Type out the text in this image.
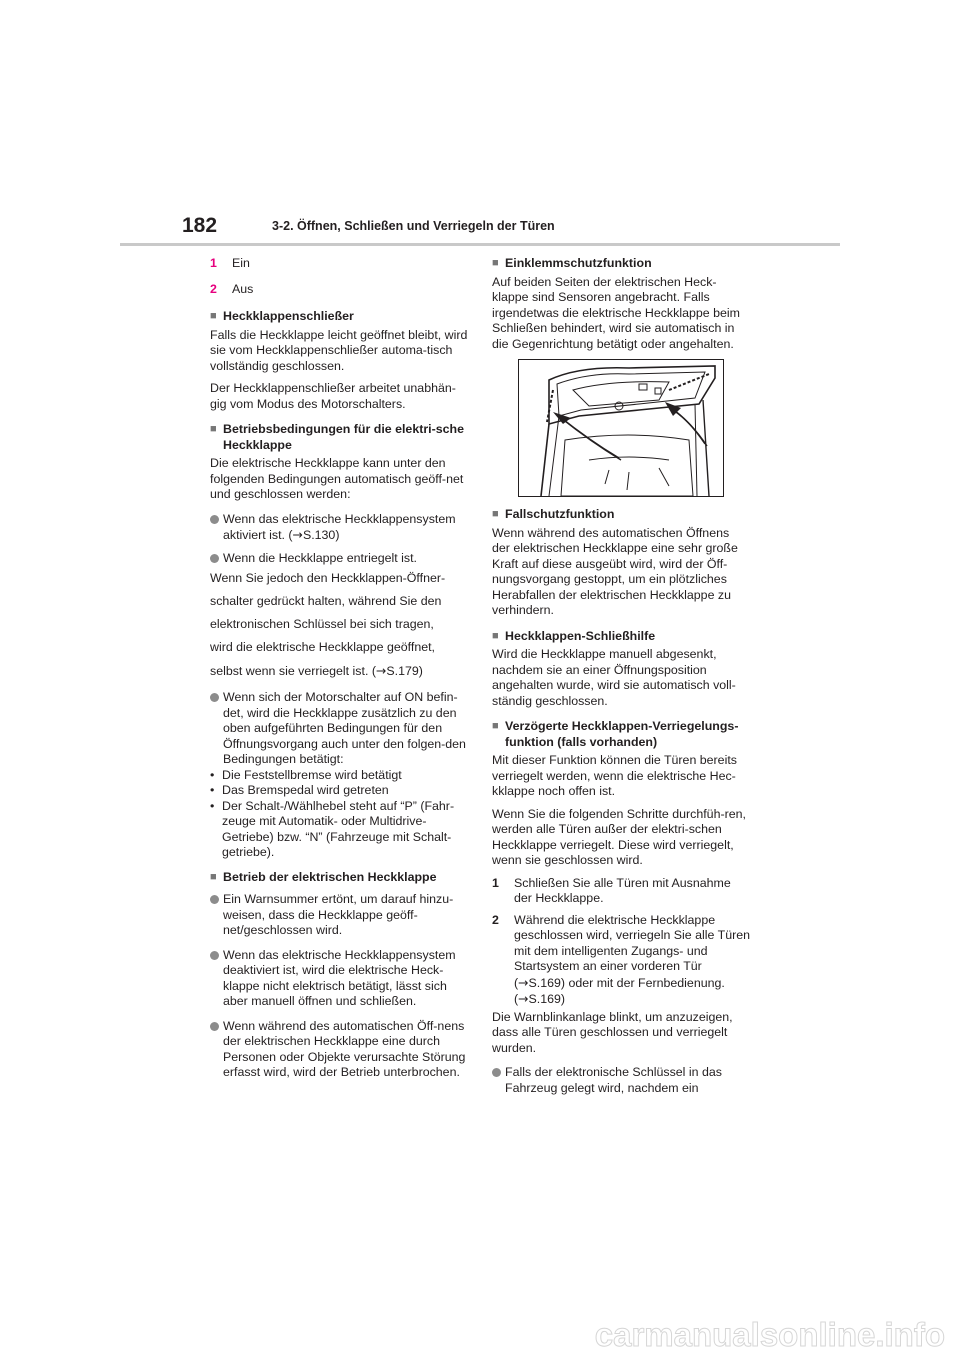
182	3-2. Öffnen, Schließen und Verriegeln der Türen
1	Ein
2	Aus
■ Heckklappenschließer

Falls die Heckklappe leicht geöffnet bleibt, wird sie vom Heckklappenschließer automa-tisch vollständig geschlossen.

Der Heckklappenschließer arbeitet unabhän-gig vom Modus des Motorschalters.

■ Betriebsbedingungen für die elektri-sche Heckklappe

Die elektrische Heckklappe kann unter den folgenden Bedingungen automatisch geöff-net und geschlossen werden:

Wenn das elektrische Heckklappensystem aktiviert ist. (→S.130)
Wenn die Heckklappe entriegelt ist.
Wenn Sie jedoch den Heckklappen-Öffner-
schalter gedrückt halten, während Sie den
elektronischen Schlüssel bei sich tragen,
wird die elektrische Heckklappe geöffnet,
selbst wenn sie verriegelt ist. (→S.179)
Wenn sich der Motorschalter auf ON befin-det, wird die Heckklappe zusätzlich zu den oben aufgeführten Bedingungen für den Öffnungsvorgang auch unter den folgen-den Bedingungen betätigt:
• Die Feststellbremse wird betätigt
• Das Bremspedal wird getreten
• Der Schalt-/Wählhebel steht auf “P” (Fahr-zeuge mit Automatik- oder Multidrive-Getriebe) bzw. “N” (Fahrzeuge mit Schalt-getriebe).
■ Betrieb der elektrischen Heckklappe
Ein Warnsummer ertönt, um darauf hinzu-weisen, dass die Heckklappe geöff-net/geschlossen wird.
Wenn das elektrische Heckklappensystem deaktiviert ist, wird die elektrische Heck-klappe nicht elektrisch betätigt, lässt sich aber manuell öffnen und schließen.
Wenn während des automatischen Öff-nens der elektrischen Heckklappe eine durch Personen oder Objekte verursachte Störung erfasst wird, wird der Betrieb unterbrochen.
■ Einklemmschutzfunktion

Auf beiden Seiten der elektrischen Heck-klappe sind Sensoren angebracht. Falls irgendetwas die elektrische Heckklappe beim Schließen behindert, wird sie automatisch in die Gegenrichtung betätigt oder angehalten.

■ Fallschutzfunktion

Wenn während des automatischen Öffnens der elektrischen Heckklappe eine sehr große Kraft auf diese ausgeübt wird, wird der Öff-nungsvorgang gestoppt, um ein plötzliches Herabfallen der elektrischen Heckklappe zu verhindern.

■ Heckklappen-Schließhilfe

Wird die Heckklappe manuell abgesenkt, nachdem sie an einer Öffnungsposition angehalten wurde, wird sie automatisch voll-ständig geschlossen.

■ Verzögerte Heckklappen-Verriegelungs-funktion (falls vorhanden)

Mit dieser Funktion können die Türen bereits verriegelt werden, wenn die elektrische Hec-kklappe noch offen ist.

Wenn Sie die folgenden Schritte durchfüh-ren, werden alle Türen außer der elektri-schen Heckklappe verriegelt. Diese wird verriegelt, wenn sie geschlossen wird.

1	Schließen Sie alle Türen mit Ausnahme der Heckklappe.
2	Während die elektrische Heckklappe geschlossen wird, verriegeln Sie alle Türen mit dem intelligenten Zugangs- und Startsystem an einer vorderen Tür (→S.169) oder mit der Fernbedienung.
(→S.169)

Die Warnblinkanlage blinkt, um anzuzeigen, dass alle Türen geschlossen und verriegelt wurden.

Falls der elektronische Schlüssel in das Fahrzeug gelegt wird, nachdem ein
carmanualsonline.info
